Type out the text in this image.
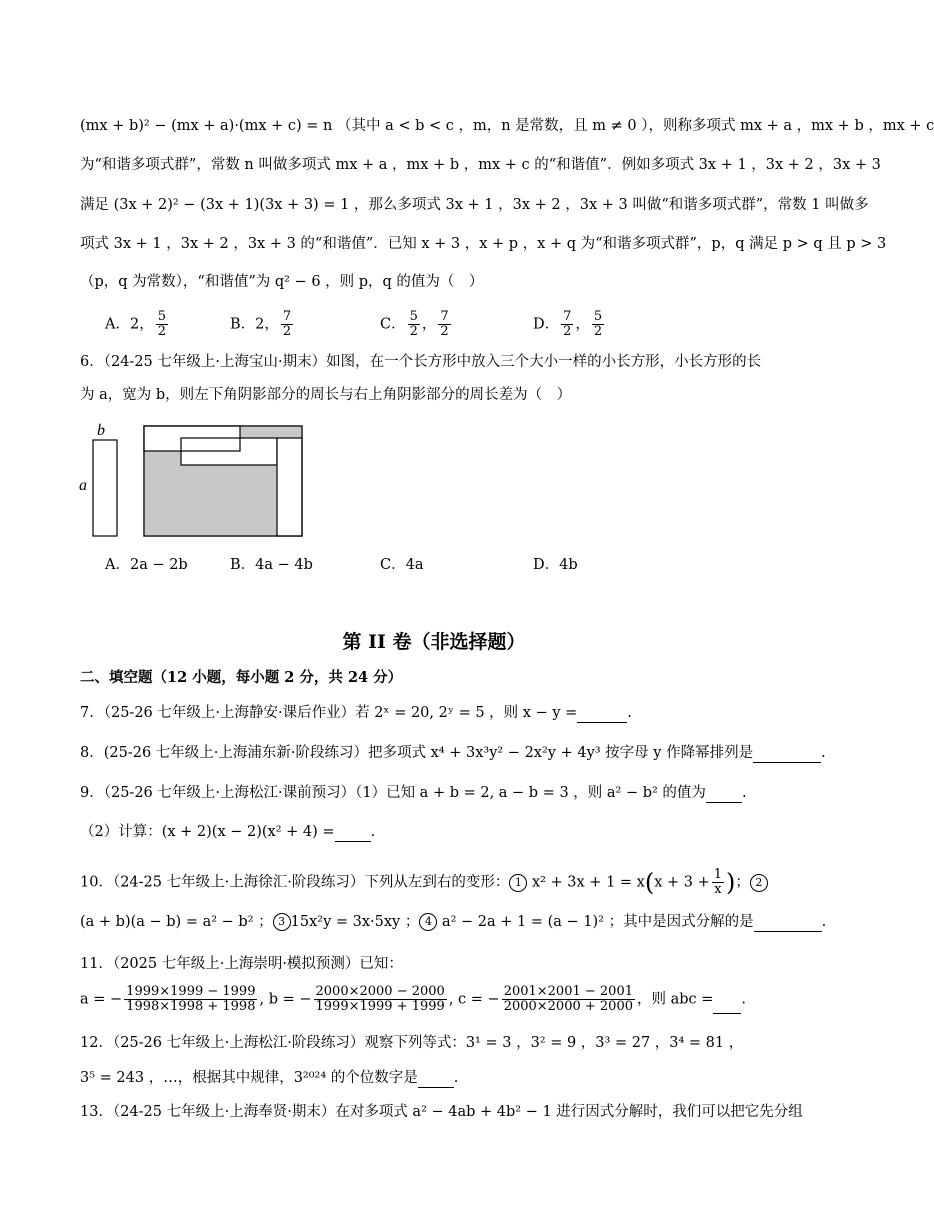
(mx + b)² − (mx + a)·(mx + c) = n （其中 a < b < c ，m，n 是常数，且 m ≠ 0 ），则称多项式 mx + a ，mx + b ，mx + c
为“和谐多项式群”，常数 n 叫做多项式 mx + a ，mx + b ，mx + c 的“和谐值”．例如多项式 3x + 1 ，3x + 2 ，3x + 3
满足 (3x + 2)² − (3x + 1)(3x + 3) = 1 ，那么多项式 3x + 1 ，3x + 2 ，3x + 3 叫做“和谐多项式群”，常数 1 叫做多
项式 3x + 1 ，3x + 2 ，3x + 3 的“和谐值”．已知 x + 3 ，x + p ，x + q 为“和谐多项式群”，p，q 满足 p > q 且 p > 3
（p，q 为常数），“和谐值”为 q² − 6 ，则 p，q 的值为（　）
A．2， $\frac{5}{2}$	B．2， $\frac{7}{2}$	C． $\frac{5}{2}$ ， $\frac{7}{2}$	D． $\frac{7}{2}$ ， $\frac{5}{2}$
6．（24-25 七年级上·上海宝山·期末）如图，在一个长方形中放入三个大小一样的小长方形，小长方形的长
为 a，宽为 b，则左下角阴影部分的周长与右上角阴影部分的周长差为（　）
b
a
A．2a − 2b	B．4a − 4b	C．4a	D．4b
第 II 卷（非选择题）
二、填空题（12 小题，每小题 2 分，共 24 分）
7．（25-26 七年级上·上海静安·课后作业）若 2ˣ = 20, 2ʸ = 5 ，则 x − y =	.
8．(25-26 七年级上·上海浦东新·阶段练习）把多项式 x⁴ + 3x³y² − 2x²y + 4y³ 按字母 y 作降幂排列是	.
9．（25-26 七年级上·上海松江·课前预习）（1）已知 a + b = 2, a − b = 3 ，则 a² − b² 的值为 .
（2）计算：(x + 2)(x − 2)(x² + 4) = .
10．（24-25 七年级上·上海徐汇·阶段练习）下列从左到右的变形： 1 $x^2 + 3x + 1 = x(x + 3 + \frac{1}{x}$ )； 2
(a + b)(a − b) = a² − b² ； 3 15x²y = 3x·5xy ； 4 a² − 2a + 1 = (a − 1)² ；其中是因式分解的是	.
11．（2025 七年级上·上海崇明·模拟预测）已知：
a = − $\frac{1999\times 1999 - 1999}{1998\times 1998 + 1998}$ , b = − $\frac{2000\times 2000 - 2000}{1999\times 1999 + 1999}$ , c = − $\frac{2001\times 2001 - 2001}{2000\times 2000 + 2000}$ ，则 abc = .
12．（25-26 七年级上·上海松江·阶段练习）观察下列等式：3¹ = 3 ，3² = 9 ，3³ = 27 ，3⁴ = 81 ，
3⁵ = 243 ，…，根据其中规律，3²⁰²⁴ 的个位数字是 .
13．（24-25 七年级上·上海奉贤·期末）在对多项式 a² − 4ab + 4b² − 1 进行因式分解时，我们可以把它先分组
